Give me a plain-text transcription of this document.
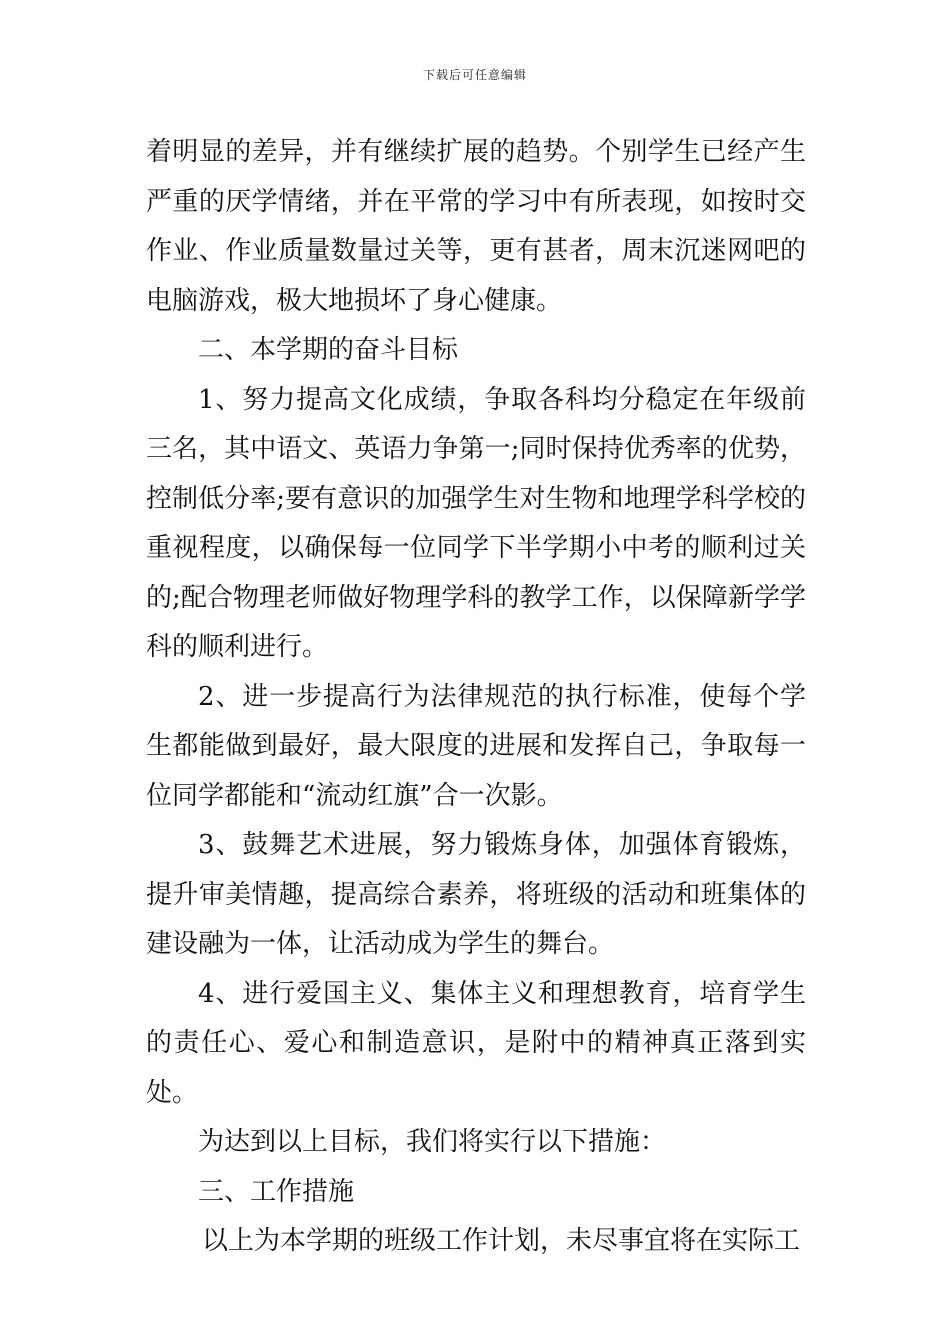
下载后可任意编辑

着明显的差异，并有继续扩展的趋势。个别学生已经产生严重的厌学情绪，并在平常的学习中有所表现，如按时交作业、作业质量数量过关等，更有甚者，周末沉迷网吧的电脑游戏，极大地损坏了身心健康。

二、本学期的奋斗目标

1、努力提高文化成绩，争取各科均分稳定在年级前三名，其中语文、英语力争第一;同时保持优秀率的优势，控制低分率;要有意识的加强学生对生物和地理学科学校的重视程度，以确保每一位同学下半学期小中考的顺利过关的;配合物理老师做好物理学科的教学工作，以保障新学学科的顺利进行。

2、进一步提高行为法律规范的执行标准，使每个学生都能做到最好，最大限度的进展和发挥自己，争取每一位同学都能和“流动红旗”合一次影。

3、鼓舞艺术进展，努力锻炼身体，加强体育锻炼，提升审美情趣，提高综合素养，将班级的活动和班集体的建设融为一体，让活动成为学生的舞台。

4、进行爱国主义、集体主义和理想教育，培育学生的责任心、爱心和制造意识，是附中的精神真正落到实处。

为达到以上目标，我们将实行以下措施：

三、工作措施

以上为本学期的班级工作计划，未尽事宜将在实际工
